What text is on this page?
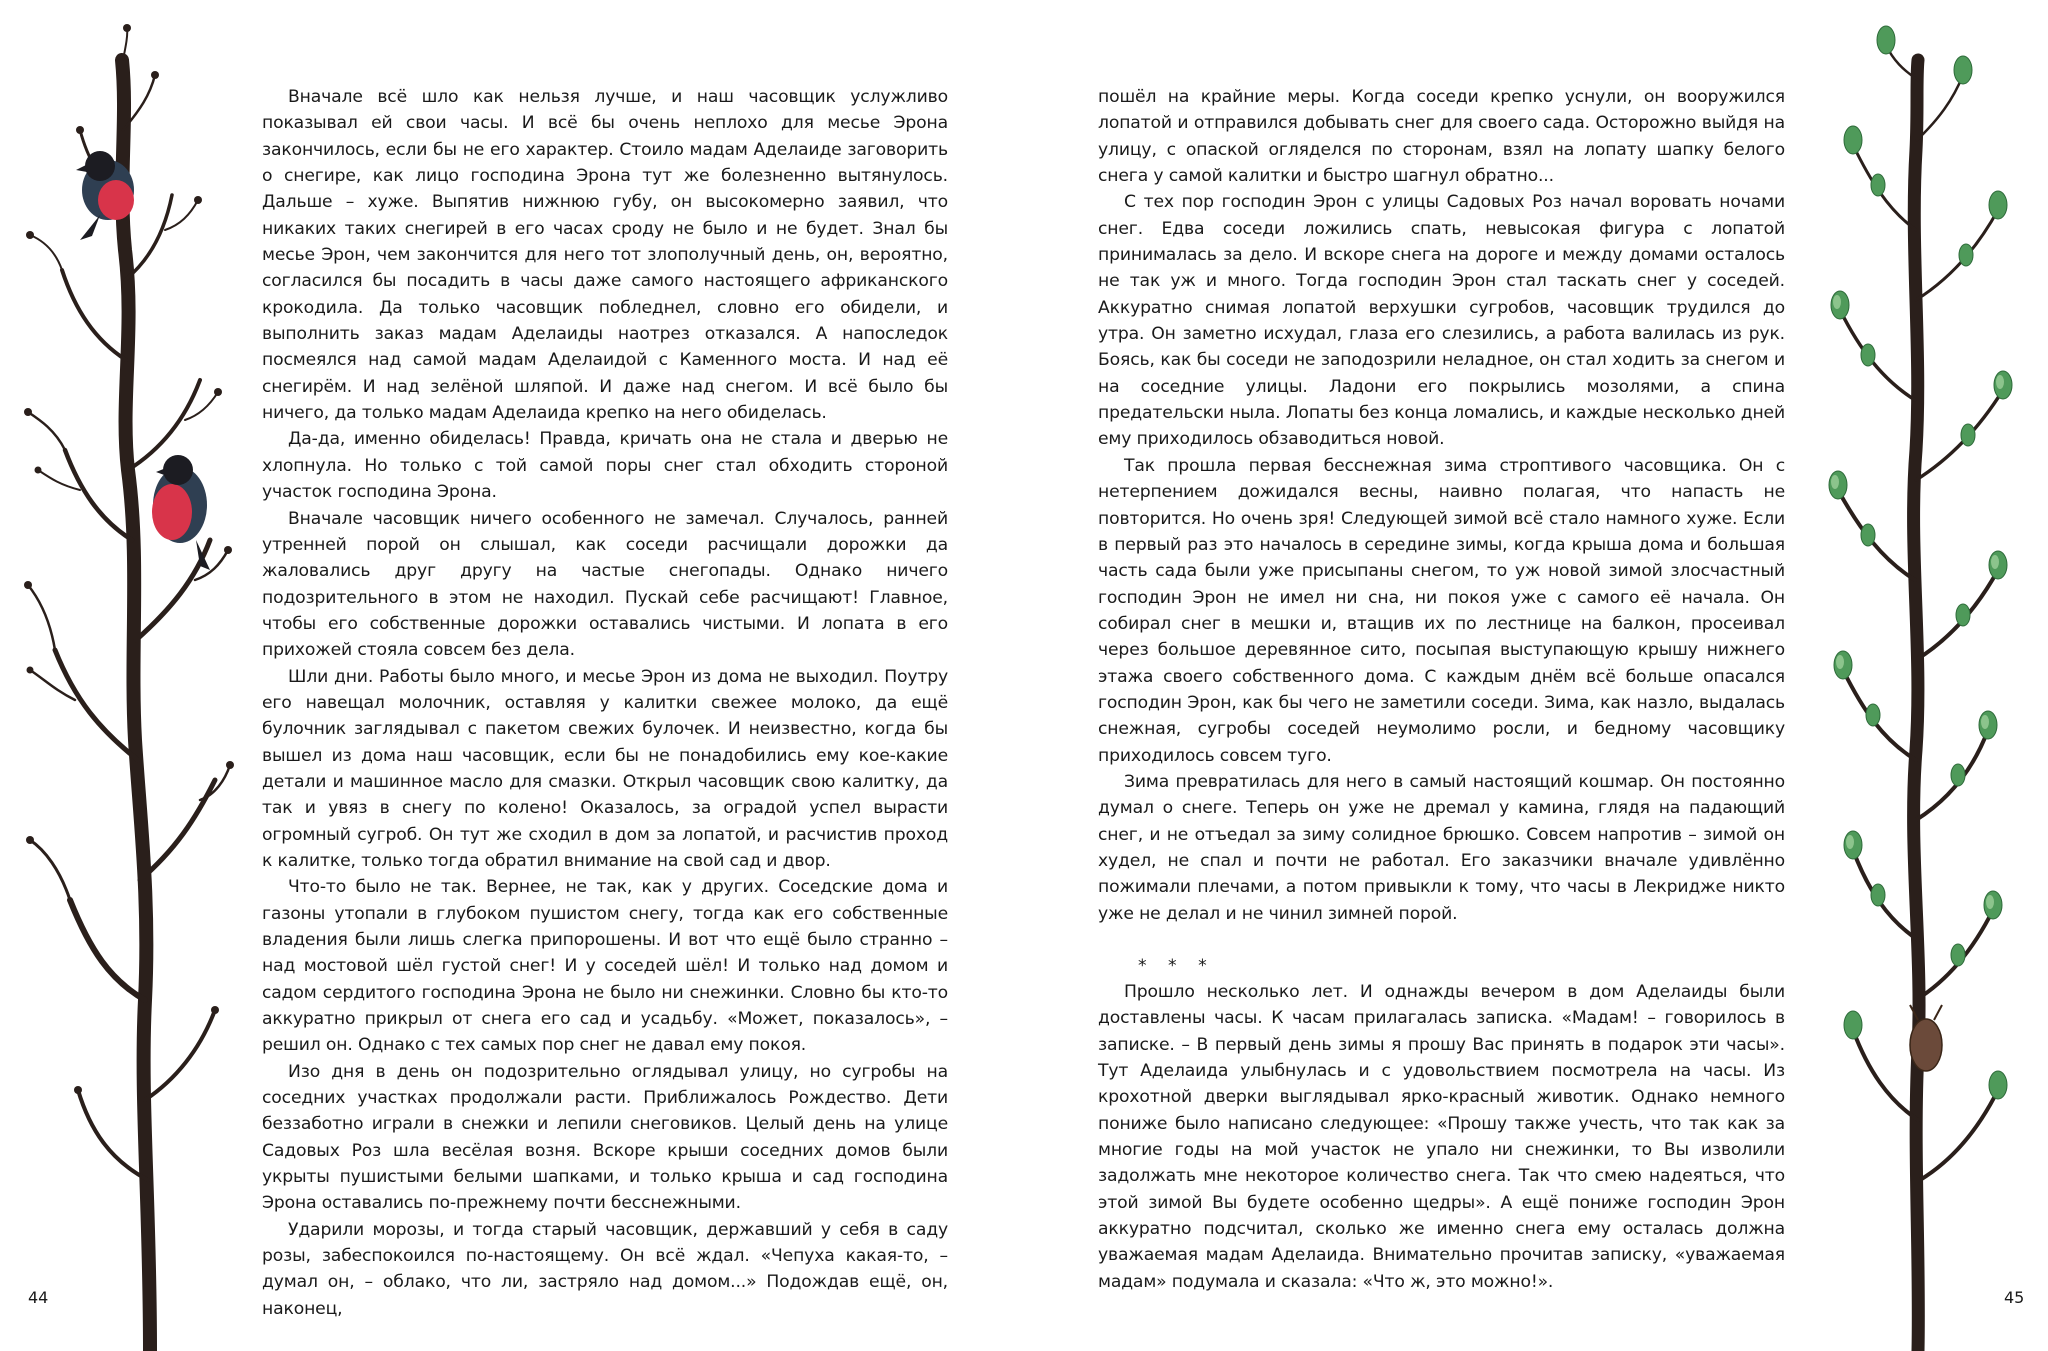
Вначале всё шло как нельзя лучше, и наш часовщик услужливо показывал ей свои часы. И всё бы очень неплохо для месье Эрона закончилось, если бы не его характер. Стоило мадам Аделаиде заговорить о снегире, как лицо господина Эрона тут же болезненно вытянулось. Дальше – хуже. Выпятив нижнюю губу, он высокомерно заявил, что никаких таких снегирей в его часах сроду не было и не будет. Знал бы месье Эрон, чем закончится для него тот злополучный день, он, вероятно, согласился бы посадить в часы даже самого настоящего африканского крокодила. Да только часовщик побледнел, словно его обидели, и выполнить заказ мадам Аделаиды наотрез отказался. А напоследок посмеялся над самой мадам Аделаидой с Каменного моста. И над её снегирём. И над зелёной шляпой. И даже над снегом. И всё было бы ничего, да только мадам Аделаида крепко на него обиделась.

Да-да, именно обиделась! Правда, кричать она не стала и дверью не хлопнула. Но только с той самой поры снег стал обходить стороной участок господина Эрона.

Вначале часовщик ничего особенного не замечал. Случалось, ранней утренней порой он слышал, как соседи расчищали дорожки да жаловались друг другу на частые снегопады. Однако ничего подозрительного в этом не находил. Пускай себе расчищают! Главное, чтобы его собственные дорожки оставались чистыми. И лопата в его прихожей стояла совсем без дела.

Шли дни. Работы было много, и месье Эрон из дома не выходил. Поутру его навещал молочник, оставляя у калитки свежее молоко, да ещё булочник заглядывал с пакетом свежих булочек. И неизвестно, когда бы вышел из дома наш часовщик, если бы не понадобились ему кое-какие детали и машинное масло для смазки. Открыл часовщик свою калитку, да так и увяз в снегу по колено! Оказалось, за оградой успел вырасти огромный сугроб. Он тут же сходил в дом за лопатой, и расчистив проход к калитке, только тогда обратил внимание на свой сад и двор.

Что-то было не так. Вернее, не так, как у других. Соседские дома и газоны утопали в глубоком пушистом снегу, тогда как его собственные владения были лишь слегка припорошены. И вот что ещё было странно – над мостовой шёл густой снег! И у соседей шёл! И только над домом и садом сердитого господина Эрона не было ни снежинки. Словно бы кто-то аккуратно прикрыл от снега его сад и усадьбу. «Может, показалось», – решил он. Однако с тех самых пор снег не давал ему покоя.

Изо дня в день он подозрительно оглядывал улицу, но сугробы на соседних участках продолжали расти. Приближалось Рождество. Дети беззаботно играли в снежки и лепили снеговиков. Целый день на улице Садовых Роз шла весёлая возня. Вскоре крыши соседних домов были укрыты пушистыми белыми шапками, и только крыша и сад господина Эрона оставались по-прежнему почти бесснежными.

Ударили морозы, и тогда старый часовщик, державший у себя в саду розы, забеспокоился по-настоящему. Он всё ждал. «Чепуха какая-то, – думал он, – облако, что ли, застряло над домом...» Подождав ещё, он, наконец,

44

пошёл на крайние меры. Когда соседи крепко уснули, он вооружился лопатой и отправился добывать снег для своего сада. Осторожно выйдя на улицу, с опаской огляделся по сторонам, взял на лопату шапку белого снега у самой калитки и быстро шагнул обратно...

С тех пор господин Эрон с улицы Садовых Роз начал воровать ночами снег. Едва соседи ложились спать, невысокая фигура с лопатой принималась за дело. И вскоре снега на дороге и между домами осталось не так уж и много. Тогда господин Эрон стал таскать снег у соседей. Аккуратно снимая лопатой верхушки сугробов, часовщик трудился до утра. Он заметно исхудал, глаза его слезились, а работа валилась из рук. Боясь, как бы соседи не заподозрили неладное, он стал ходить за снегом и на соседние улицы. Ладони его покрылись мозолями, а спина предательски ныла. Лопаты без конца ломались, и каждые несколько дней ему приходилось обзаводиться новой.

Так прошла первая бесснежная зима строптивого часовщика. Он с нетерпением дожидался весны, наивно полагая, что напасть не повторится. Но очень зря! Следующей зимой всё стало намного хуже. Если в первый раз это началось в середине зимы, когда крыша дома и большая часть сада были уже присыпаны снегом, то уж новой зимой злосчастный господин Эрон не имел ни сна, ни покоя уже с самого её начала. Он собирал снег в мешки и, втащив их по лестнице на балкон, просеивал через большое деревянное сито, посыпая выступающую крышу нижнего этажа своего собственного дома. С каждым днём всё больше опасался господин Эрон, как бы чего не заметили соседи. Зима, как назло, выдалась снежная, сугробы соседей неумолимо росли, и бедному часовщику приходилось совсем туго.

Зима превратилась для него в самый настоящий кошмар. Он постоянно думал о снеге. Теперь он уже не дремал у камина, глядя на падающий снег, и не отъедал за зиму солидное брюшко. Совсем напротив – зимой он худел, не спал и почти не работал. Его заказчики вначале удивлённо пожимали плечами, а потом привыкли к тому, что часы в Лекридже никто уже не делал и не чинил зимней порой.

* * *

Прошло несколько лет. И однажды вечером в дом Аделаиды были доставлены часы. К часам прилагалась записка. «Мадам! – говорилось в записке. – В первый день зимы я прошу Вас принять в подарок эти часы». Тут Аделаида улыбнулась и с удовольствием посмотрела на часы. Из крохотной дверки выглядывал ярко-красный животик. Однако немного пониже было написано следующее: «Прошу также учесть, что так как за многие годы на мой участок не упало ни снежинки, то Вы изволили задолжать мне некоторое количество снега. Так что смею надеяться, что этой зимой Вы будете особенно щедры». А ещё пониже господин Эрон аккуратно подсчитал, сколько же именно снега ему осталась должна уважаемая мадам Аделаида. Внимательно прочитав записку, «уважаемая мадам» подумала и сказала: «Что ж, это можно!».

45
